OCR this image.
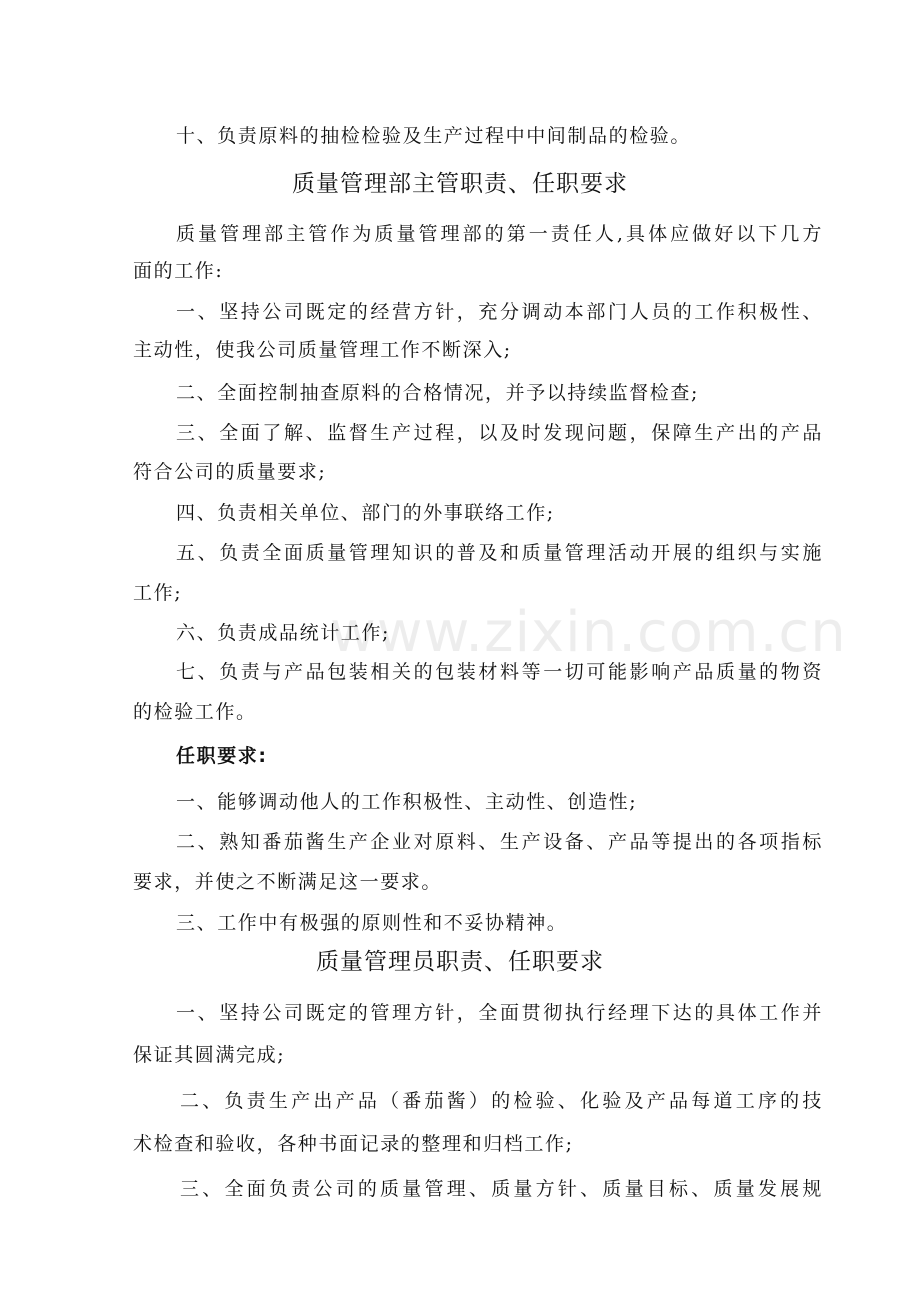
www.zixin.com.cn
十、负责原料的抽检检验及生产过程中中间制品的检验。
质量管理部主管职责、任职要求
质量管理部主管作为质量管理部的第一责任人,具体应做好以下几方
面的工作:
一、坚持公司既定的经营方针，充分调动本部门人员的工作积极性、
主动性，使我公司质量管理工作不断深入;
二、全面控制抽查原料的合格情况，并予以持续监督检查;
三、全面了解、监督生产过程，以及时发现问题，保障生产出的产品
符合公司的质量要求;
四、负责相关单位、部门的外事联络工作;
五、负责全面质量管理知识的普及和质量管理活动开展的组织与实施
工作;
六、负责成品统计工作;
七、负责与产品包装相关的包装材料等一切可能影响产品质量的物资
的检验工作。
任职要求:
一、能够调动他人的工作积极性、主动性、创造性;
二、熟知番茄酱生产企业对原料、生产设备、产品等提出的各项指标
要求，并使之不断满足这一要求。
三、工作中有极强的原则性和不妥协精神。
质量管理员职责、任职要求
一、坚持公司既定的管理方针，全面贯彻执行经理下达的具体工作并
保证其圆满完成;
二、负责生产出产品（番茄酱）的检验、化验及产品每道工序的技
术检查和验收，各种书面记录的整理和归档工作;
三、全面负责公司的质量管理、质量方针、质量目标、质量发展规
